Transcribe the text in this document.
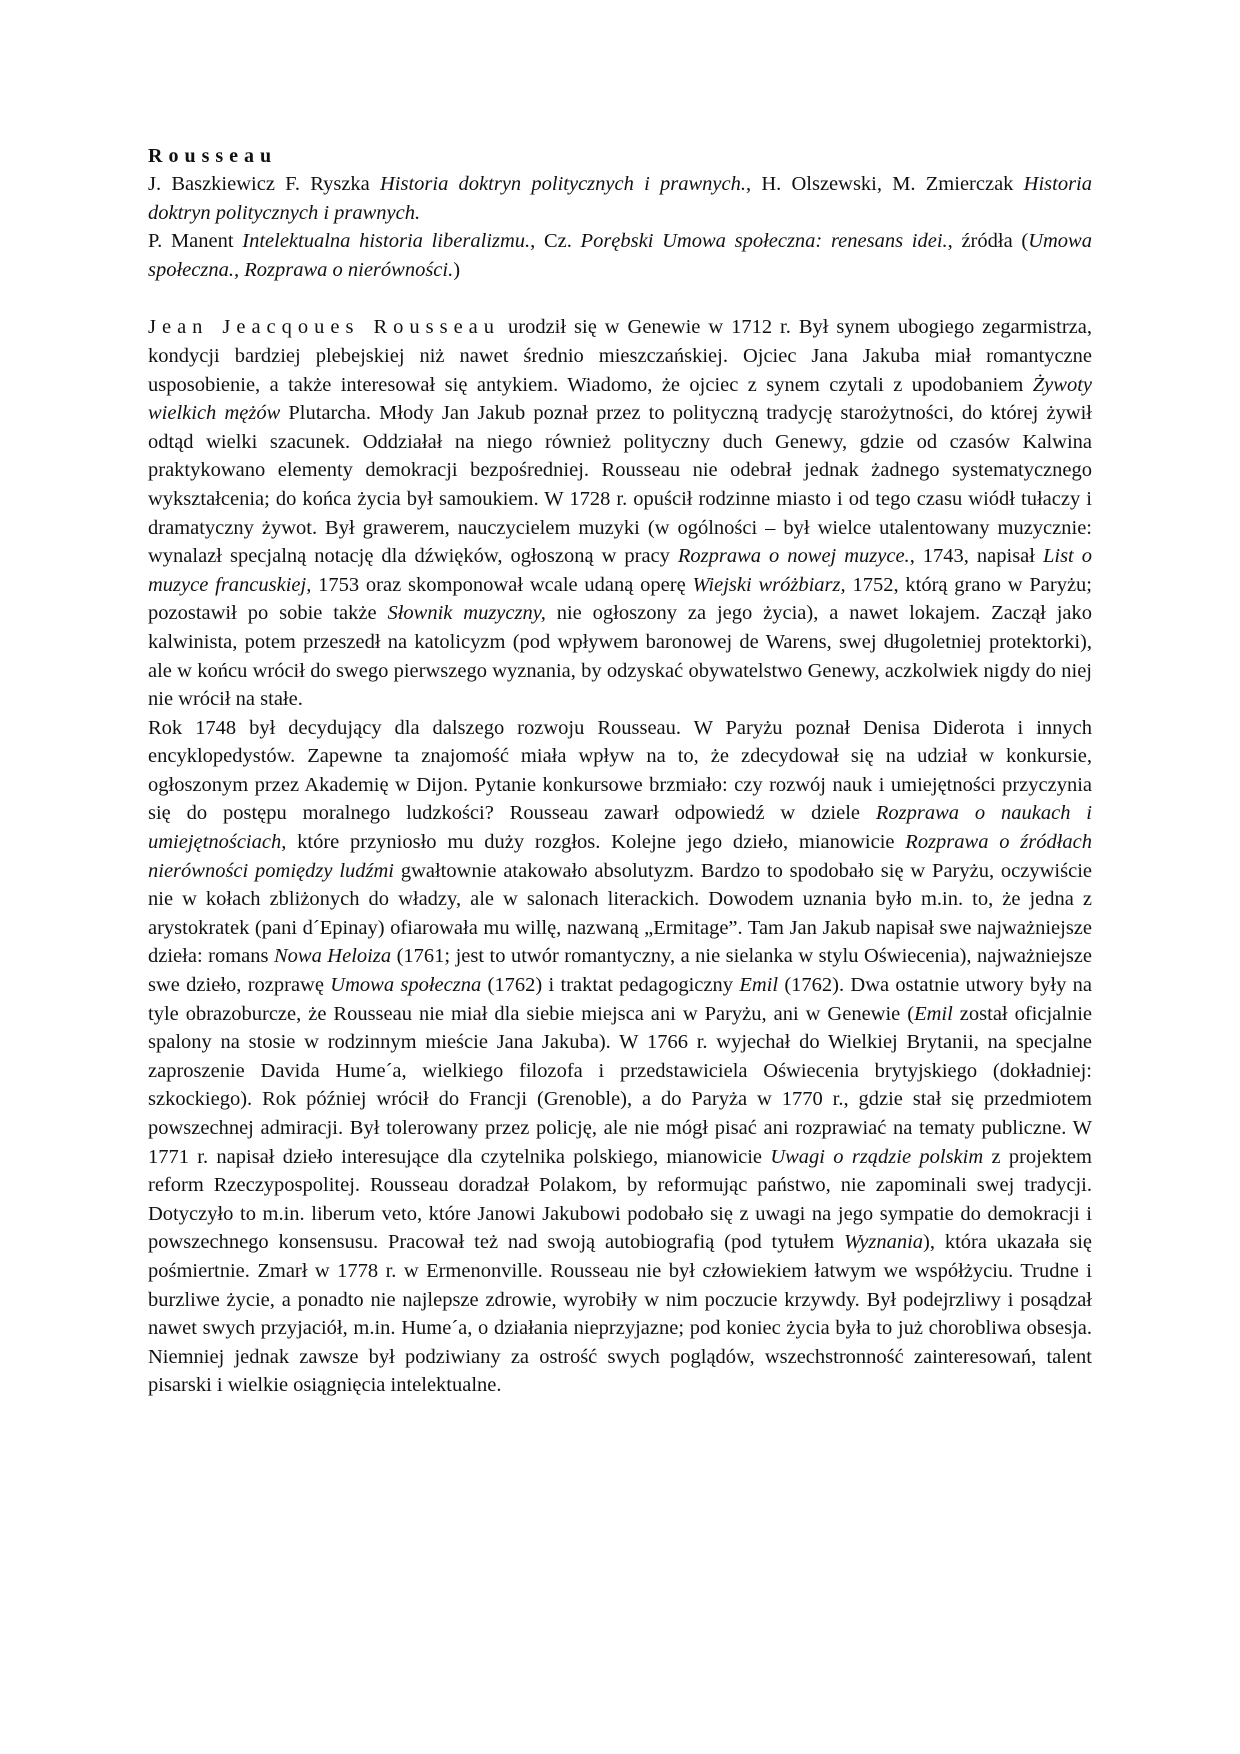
Rousseau

J. Baszkiewicz F. Ryszka Historia doktryn politycznych i prawnych., H. Olszewski, M. Zmierczak Historia doktryn politycznych i prawnych.

P. Manent Intelektualna historia liberalizmu., Cz. Porębski Umowa społeczna: renesans idei., źródła (Umowa społeczna., Rozprawa o nierówności.)

Jean Jeacqoues Rousseau urodził się w Genewie w 1712 r. Był synem ubogiego zegarmistrza, kondycji bardziej plebejskiej niż nawet średnio mieszczańskiej. Ojciec Jana Jakuba miał romantyczne usposobienie, a także interesował się antykiem. Wiadomo, że ojciec z synem czytali z upodobaniem Żywoty wielkich mężów Plutarcha. Młody Jan Jakub poznał przez to polityczną tradycję starożytności, do której żywił odtąd wielki szacunek. Oddziałał na niego również polityczny duch Genewy, gdzie od czasów Kalwina praktykowano elementy demokracji bezpośredniej. Rousseau nie odebrał jednak żadnego systematycznego wykształcenia; do końca życia był samoukiem. W 1728 r. opuścił rodzinne miasto i od tego czasu wiódł tułaczy i dramatyczny żywot. Był grawerem, nauczycielem muzyki (w ogólności – był wielce utalentowany muzycznie: wynalazł specjalną notację dla dźwięków, ogłoszoną w pracy Rozprawa o nowej muzyce., 1743, napisał List o muzyce francuskiej, 1753 oraz skomponował wcale udaną operę Wiejski wróżbiarz, 1752, którą grano w Paryżu; pozostawił po sobie także Słownik muzyczny, nie ogłoszony za jego życia), a nawet lokajem. Zaczął jako kalwinista, potem przeszedł na katolicyzm (pod wpływem baronowej de Warens, swej długoletniej protektorki), ale w końcu wrócił do swego pierwszego wyznania, by odzyskać obywatelstwo Genewy, aczkolwiek nigdy do niej nie wrócił na stałe.

Rok 1748 był decydujący dla dalszego rozwoju Rousseau. W Paryżu poznał Denisa Diderota i innych encyklopedystów. Zapewne ta znajomość miała wpływ na to, że zdecydował się na udział w konkursie, ogłoszonym przez Akademię w Dijon. Pytanie konkursowe brzmiało: czy rozwój nauk i umiejętności przyczynia się do postępu moralnego ludzkości? Rousseau zawarł odpowiedź w dziele Rozprawa o naukach i umiejętnościach, które przyniosło mu duży rozgłos. Kolejne jego dzieło, mianowicie Rozprawa o źródłach nierówności pomiędzy ludźmi gwałtownie atakowało absolutyzm. Bardzo to spodobało się w Paryżu, oczywiście nie w kołach zbliżonych do władzy, ale w salonach literackich. Dowodem uznania było m.in. to, że jedna z arystokratek (pani d´Epinay) ofiarowała mu willę, nazwaną „Ermitage”. Tam Jan Jakub napisał swe najważniejsze dzieła: romans Nowa Heloiza (1761; jest to utwór romantyczny, a nie sielanka w stylu Oświecenia), najważniejsze swe dzieło, rozprawę Umowa społeczna (1762) i traktat pedagogiczny Emil (1762). Dwa ostatnie utwory były na tyle obrazoburcze, że Rousseau nie miał dla siebie miejsca ani w Paryżu, ani w Genewie (Emil został oficjalnie spalony na stosie w rodzinnym mieście Jana Jakuba). W 1766 r. wyjechał do Wielkiej Brytanii, na specjalne zaproszenie Davida Hume´a, wielkiego filozofa i przedstawiciela Oświecenia brytyjskiego (dokładniej: szkockiego). Rok później wrócił do Francji (Grenoble), a do Paryża w 1770 r., gdzie stał się przedmiotem powszechnej admiracji. Był tolerowany przez policję, ale nie mógł pisać ani rozprawiać na tematy publiczne. W 1771 r. napisał dzieło interesujące dla czytelnika polskiego, mianowicie Uwagi o rządzie polskim z projektem reform Rzeczypospolitej. Rousseau doradzał Polakom, by reformując państwo, nie zapominali swej tradycji. Dotyczyło to m.in. liberum veto, które Janowi Jakubowi podobało się z uwagi na jego sympatie do demokracji i powszechnego konsensusu. Pracował też nad swoją autobiografią (pod tytułem Wyznania), która ukazała się pośmiertnie. Zmarł w 1778 r. w Ermenonville. Rousseau nie był człowiekiem łatwym we współżyciu. Trudne i burzliwe życie, a ponadto nie najlepsze zdrowie, wyrobiły w nim poczucie krzywdy. Był podejrzliwy i posądzał nawet swych przyjaciół, m.in. Hume´a, o działania nieprzyjazne; pod koniec życia była to już chorobliwa obsesja. Niemniej jednak zawsze był podziwiany za ostrość swych poglądów, wszechstronność zainteresowań, talent pisarski i wielkie osiągnięcia intelektualne.
